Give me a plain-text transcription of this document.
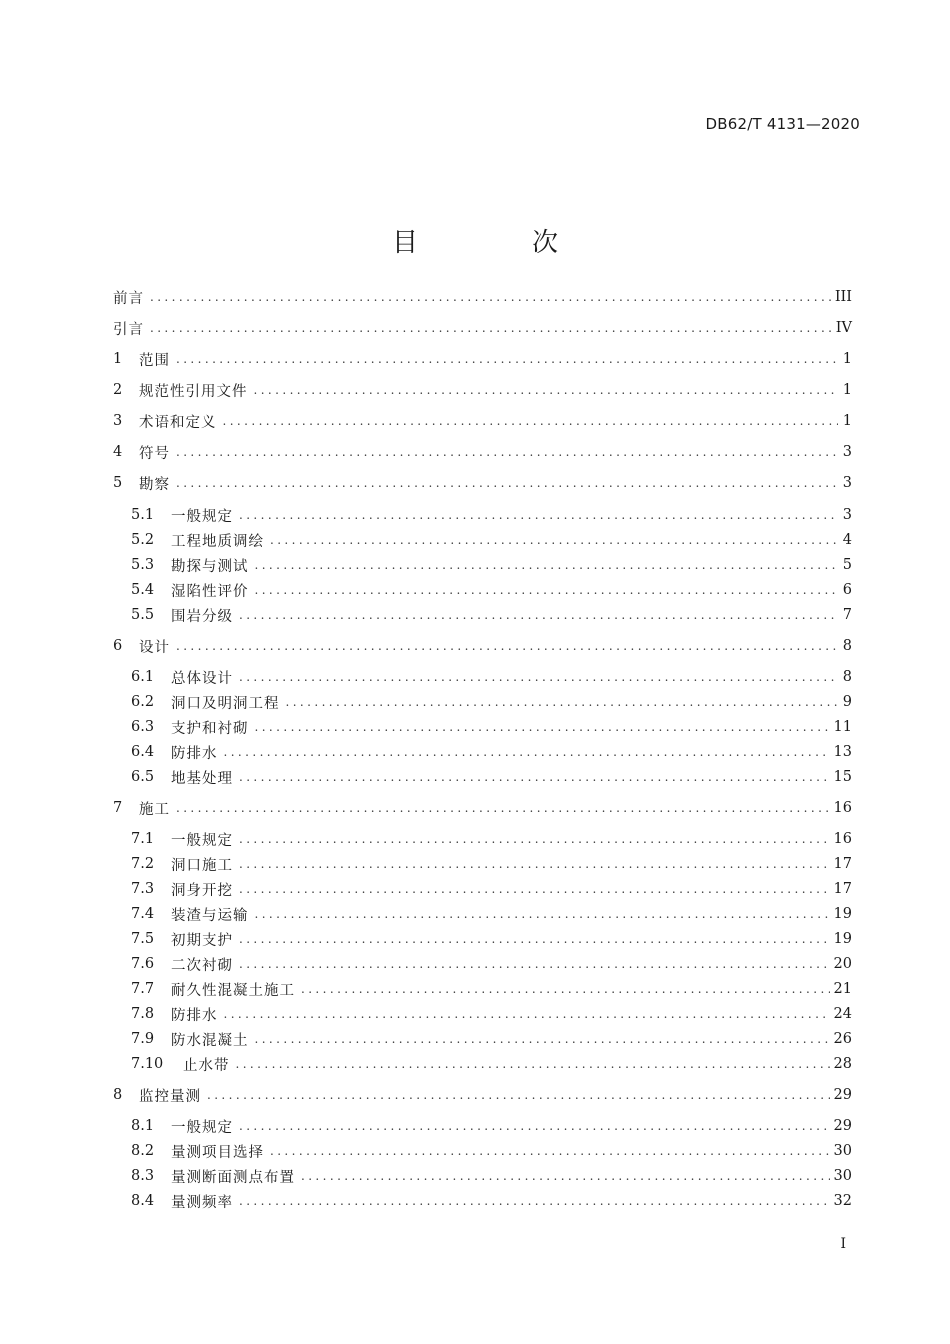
DB62/T 4131—2020
目　次
前言 .....	III
引言 .....	IV
1	范围 .....	1
2	规范性引用文件 .....	1
3	术语和定义 .....	1
4	符号 .....	3
5	勘察 .....	3
5.1	一般规定 .....	3
5.2	工程地质调绘 .....	4
5.3	勘探与测试 .....	5
5.4	湿陷性评价 .....	6
5.5	围岩分级 .....	7
6	设计 .....	8
6.1	总体设计 .....	8
6.2	洞口及明洞工程 .....	9
6.3	支护和衬砌 .....	11
6.4	防排水 .....	13
6.5	地基处理 .....	15
7	施工 .....	16
7.1	一般规定 .....	16
7.2	洞口施工 .....	17
7.3	洞身开挖 .....	17
7.4	装渣与运输 .....	19
7.5	初期支护 .....	19
7.6	二次衬砌 .....	20
7.7	耐久性混凝土施工 .....	21
7.8	防排水 .....	24
7.9	防水混凝土 .....	26
7.10	止水带 .....	28
8	监控量测 .....	29
8.1	一般规定 .....	29
8.2	量测项目选择 .....	30
8.3	量测断面测点布置 .....	30
8.4	量测频率 .....	32
I
